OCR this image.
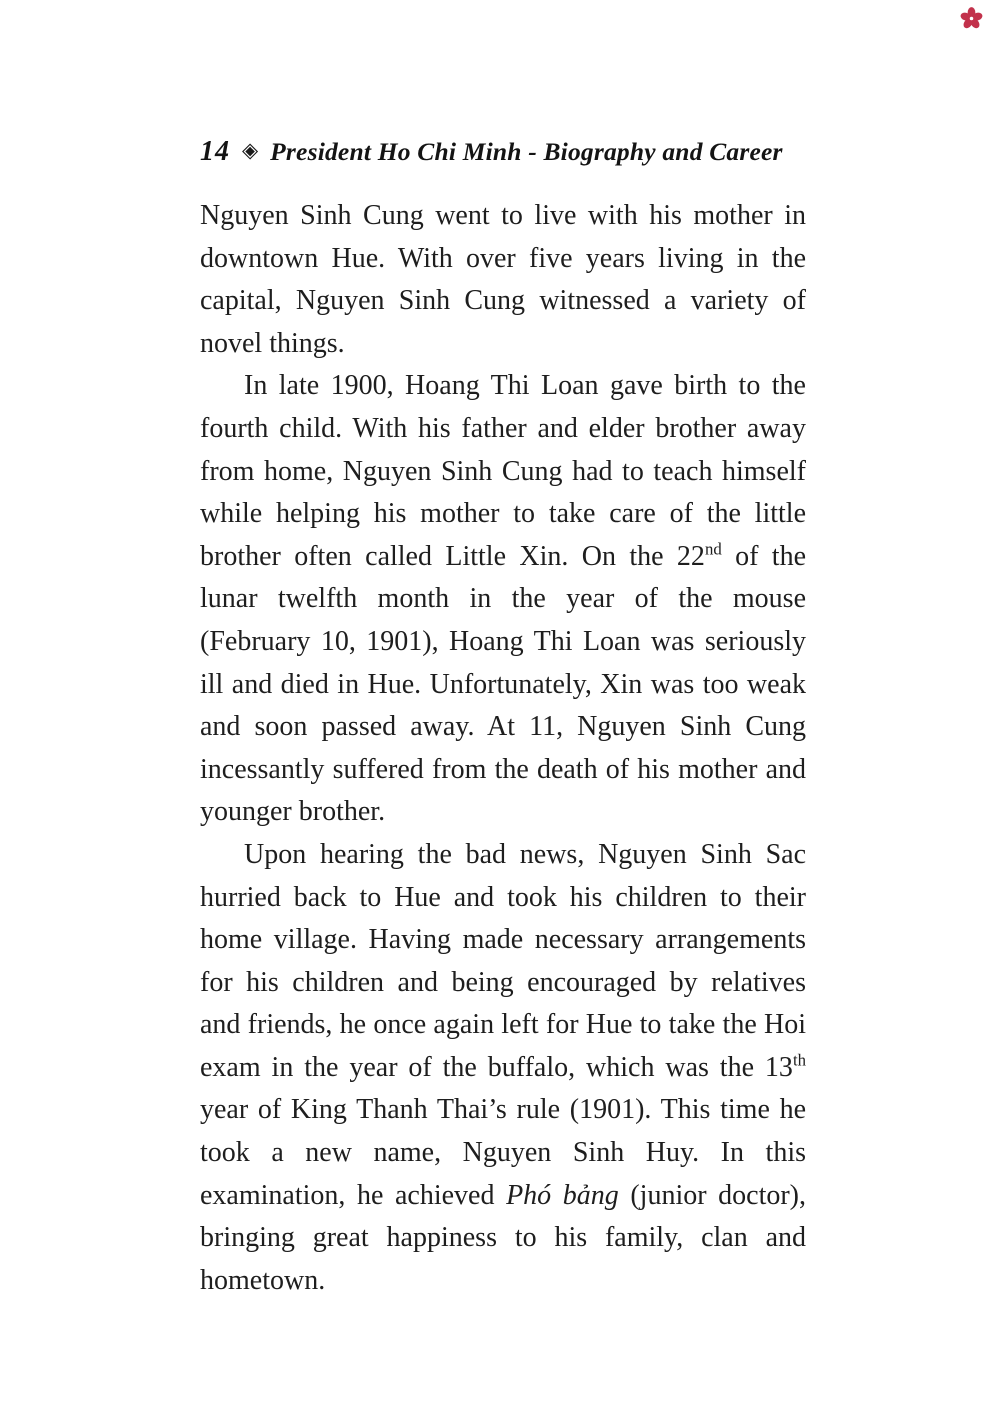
14 ◈ President Ho Chi Minh - Biography and Career

Nguyen Sinh Cung went to live with his mother in downtown Hue. With over five years living in the capital, Nguyen Sinh Cung witnessed a variety of novel things.

In late 1900, Hoang Thi Loan gave birth to the fourth child. With his father and elder brother away from home, Nguyen Sinh Cung had to teach himself while helping his mother to take care of the little brother often called Little Xin. On the 22nd of the lunar twelfth month in the year of the mouse (February 10, 1901), Hoang Thi Loan was seriously ill and died in Hue. Unfortunately, Xin was too weak and soon passed away. At 11, Nguyen Sinh Cung incessantly suffered from the death of his mother and younger brother.

Upon hearing the bad news, Nguyen Sinh Sac hurried back to Hue and took his children to their home village. Having made necessary arrangements for his children and being encouraged by relatives and friends, he once again left for Hue to take the Hoi exam in the year of the buffalo, which was the 13th year of King Thanh Thai’s rule (1901). This time he took a new name, Nguyen Sinh Huy. In this examination, he achieved Phó bảng (junior doctor), bringing great happiness to his family, clan and hometown.
